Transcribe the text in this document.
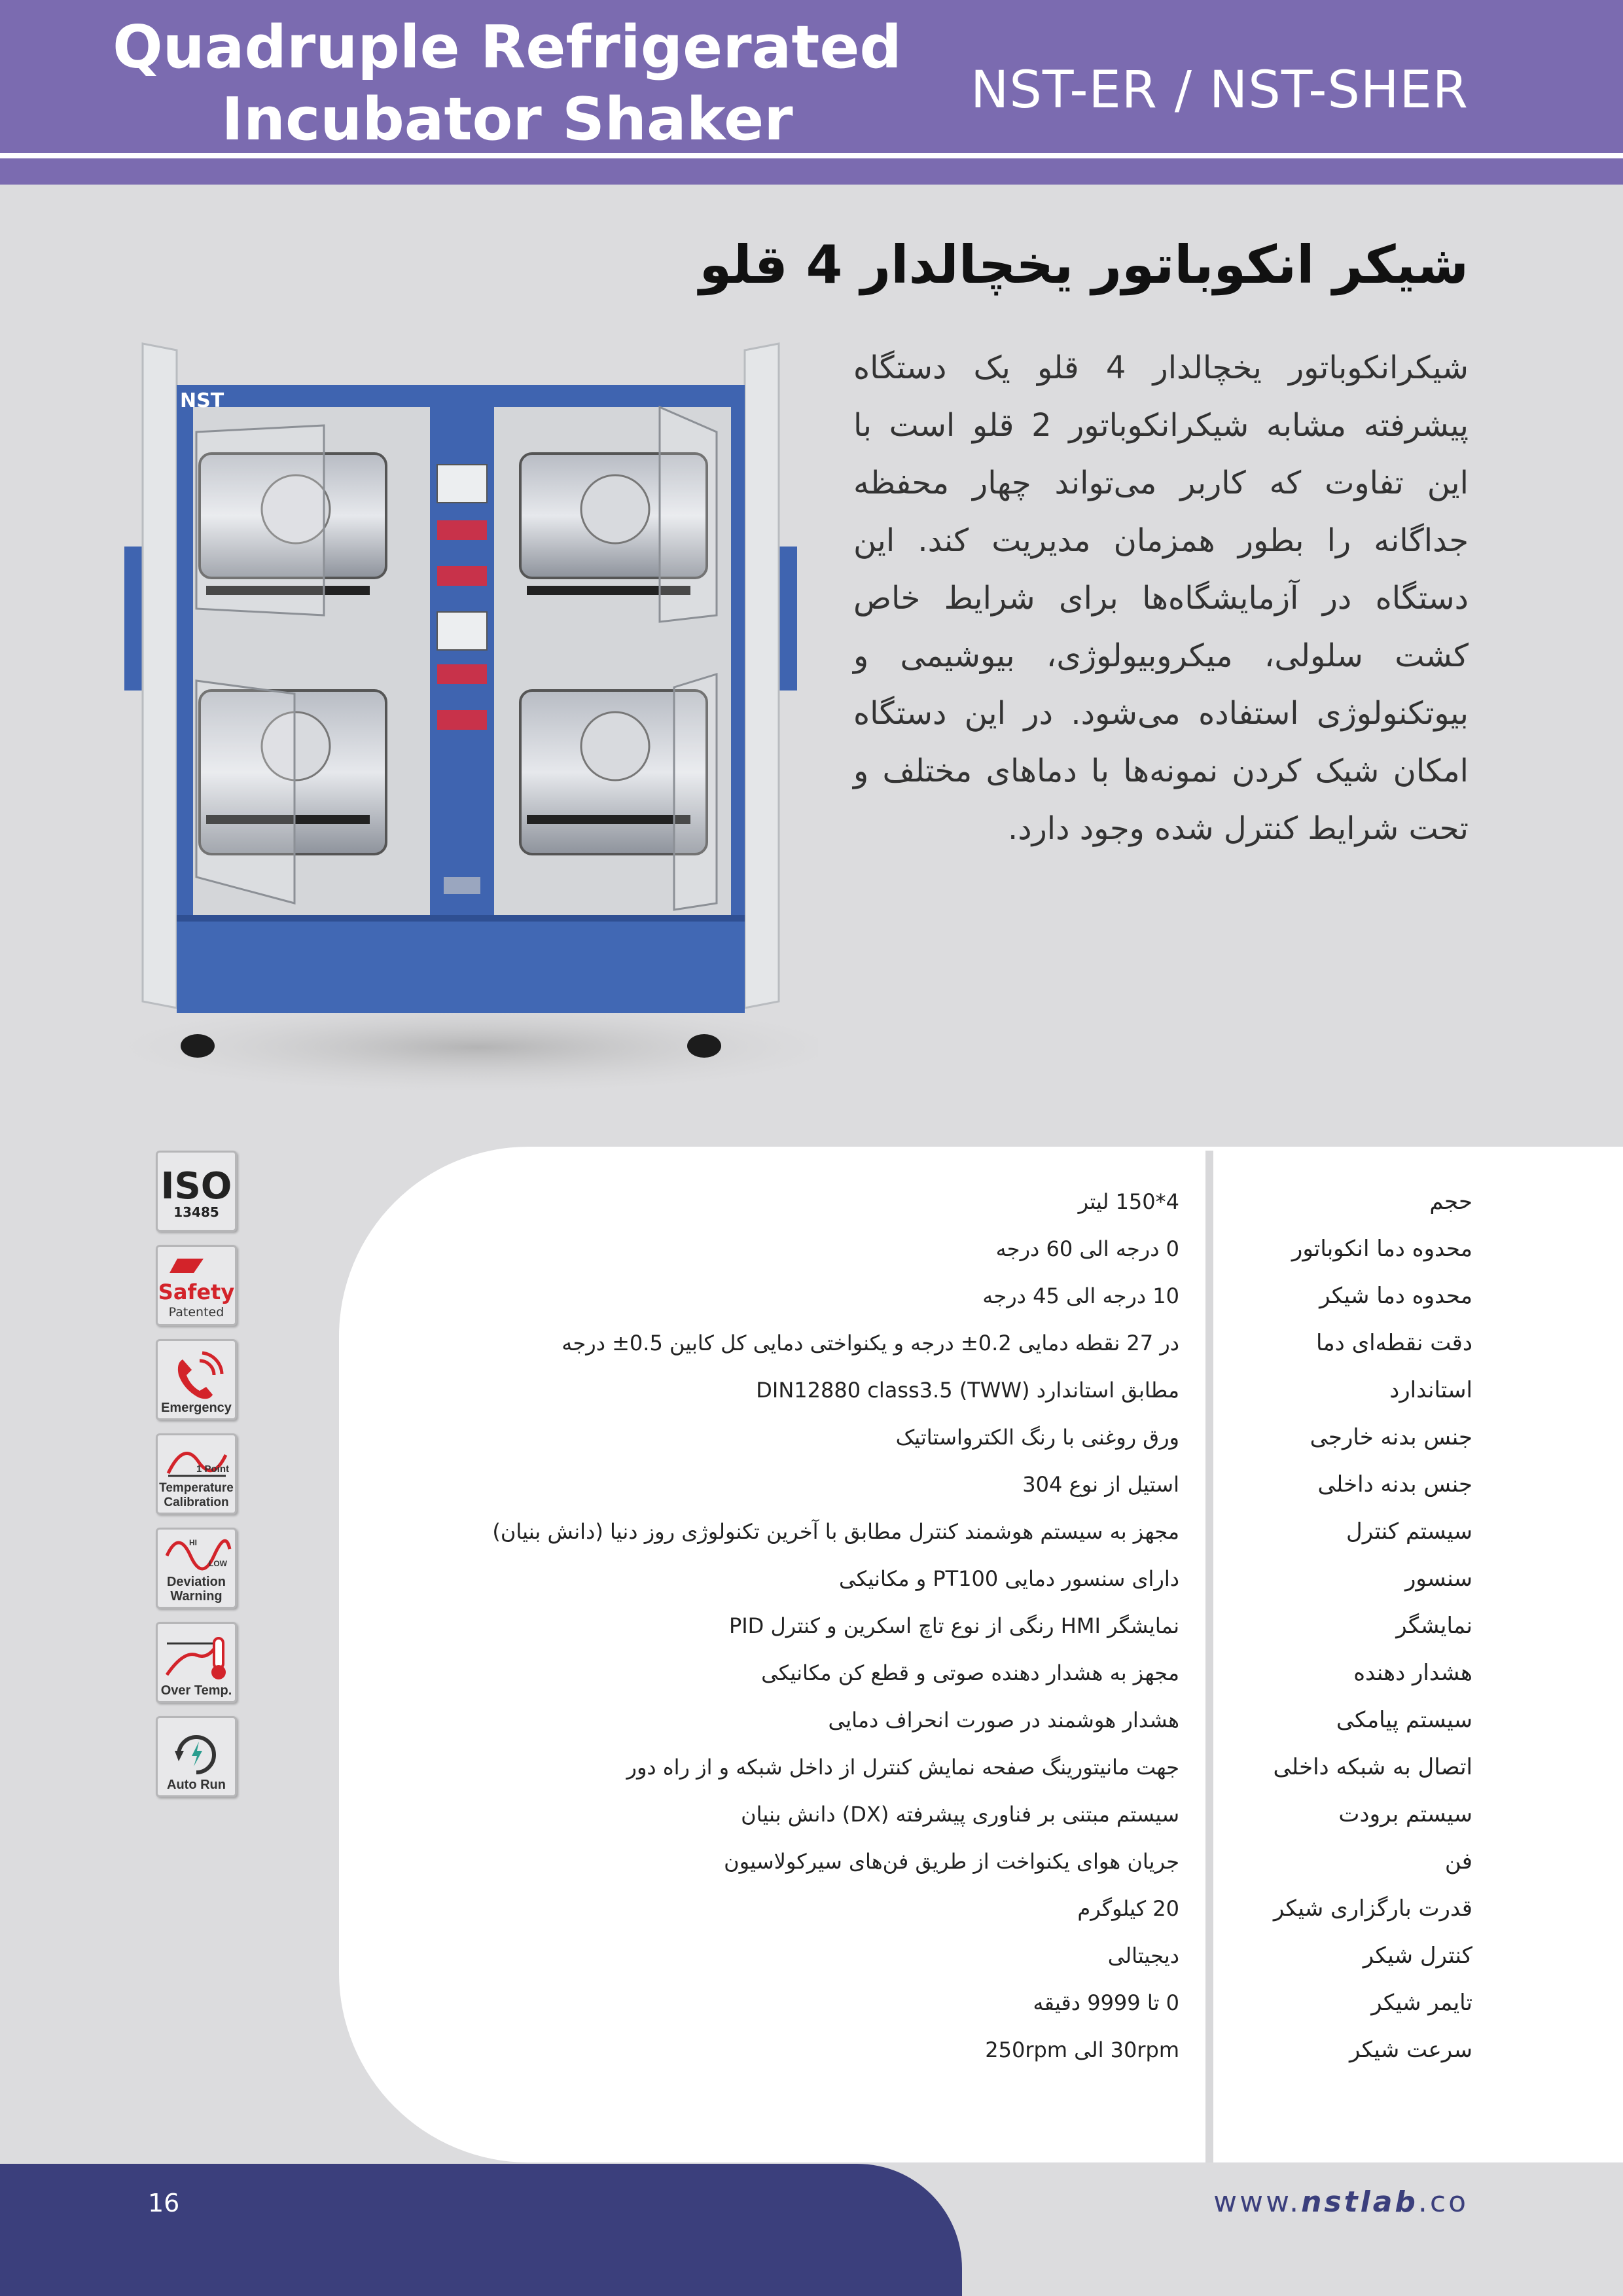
Quadruple Refrigerated
Incubator Shaker	NST-ER / NST-SHER
شیکر انکوباتور یخچالدار 4 قلو
شیکرانکوباتور یخچالدار 4 قلو یک دستگاه پیشرفته مشابه شیکرانکوباتور 2 قلو است با این تفاوت که کاربر می‌تواند چهار محفظه جداگانه را بطور همزمان مدیریت کند. این دستگاه در آزمایشگاه‌ها برای شرایط خاص کشت سلولی، میکروبیولوژی، بیوشیمی و بیوتکنولوژی استفاده می‌شود. در این دستگاه امکان شیک کردن نمونه‌ها با دماهای مختلف و تحت شرایط کنترل شده وجود دارد.
NST
ISO
13485
Safety
Patented
Emergency
1 Point
Temperature
Calibration
HI
LOW
Deviation
Warning
Over Temp.
Auto Run
حجم
4*150 لیتر
محدوه دما انکوباتور
0 درجه الی 60 درجه
محدوه دما شیکر
10 درجه الی 45 درجه
دقت نقطه‌ای دما
در 27 نقطه دمایی 0.2± درجه و یکنواختی دمایی کل کابین 0.5± درجه
استاندارد
مطابق استاندارد DIN12880 class3.5 (TWW)
جنس بدنه خارجی
ورق روغنی با رنگ الکترواستاتیک
جنس بدنه داخلی
استیل از نوع 304
سیستم کنترل
مجهز به سیستم هوشمند کنترل مطابق با آخرین تکنولوژی روز دنیا (دانش بنیان)
سنسور
دارای سنسور دمایی PT100 و مکانیکی
نمایشگر
نمایشگر HMI رنگی از نوع تاچ اسکرین و کنترل PID
هشدار دهنده
مجهز به هشدار دهنده صوتی و قطع کن مکانیکی
سیستم پیامکی
هشدار هوشمند در صورت انحراف دمایی
اتصال به شبکه داخلی
جهت مانیتورینگ صفحه نمایش کنترل از داخل شبکه و از راه دور
سیستم برودت
سیستم مبتنی بر فناوری پیشرفته (DX) دانش بنیان
فن
جریان هوای یکنواخت از طریق فن‌های سیرکولاسیون
قدرت بارگزاری شیکر
20 کیلوگرم
کنترل شیکر
دیجیتالی
تایمر شیکر
0 تا 9999 دقیقه
سرعت شیکر
30rpm الی 250rpm
16	www.nstlab.co
